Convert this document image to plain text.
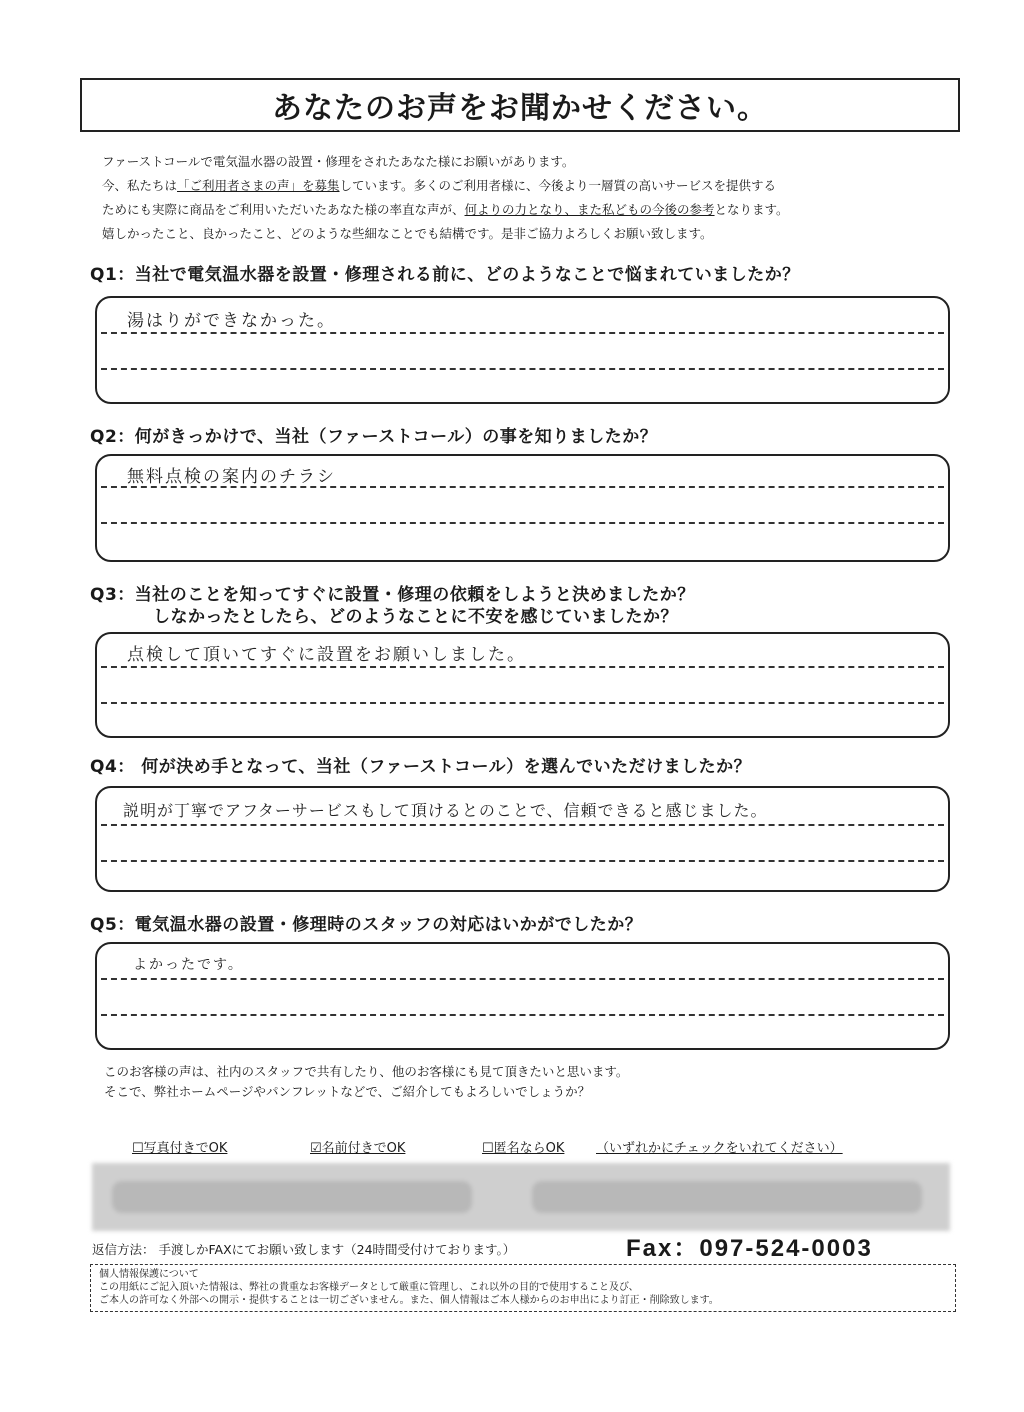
あなたのお声をお聞かせください。
ファーストコールで電気温水器の設置・修理をされたあなた様にお願いがあります。
今、私たちは「ご利用者さまの声」を募集しています。多くのご利用者様に、今後より一層質の高いサービスを提供する
ためにも実際に商品をご利用いただいたあなた様の率直な声が、何よりの力となり、また私どもの今後の参考となります。
嬉しかったこと、良かったこと、どのような些細なことでも結構です。是非ご協力よろしくお願い致します。
Q1：当社で電気温水器を設置・修理される前に、どのようなことで悩まれていましたか？
湯はりができなかった。
Q2：何がきっかけで、当社（ファーストコール）の事を知りましたか？
無料点検の案内のチラシ
Q3：当社のことを知ってすぐに設置・修理の依頼をしようと決めましたか？
しなかったとしたら、どのようなことに不安を感じていましたか？
点検して頂いてすぐに設置をお願いしました。
Q4： 何が決め手となって、当社（ファーストコール）を選んでいただけましたか？
説明が丁寧でアフターサービスもして頂けるとのことで、信頼できると感じました。
Q5：電気温水器の設置・修理時のスタッフの対応はいかがでしたか？
よかったです。
このお客様の声は、社内のスタッフで共有したり、他のお客様にも見て頂きたいと思います。
そこで、弊社ホームページやパンフレットなどで、ご紹介してもよろしいでしょうか？
☐写真付きでOK	☑名前付きでOK	☐匿名ならOK （いずれかにチェックをいれてください）
返信方法： 手渡しかFAXにてお願い致します（24時間受付けております。）	Fax：097-524-0003
個人情報保護について
この用紙にご記入頂いた情報は、弊社の貴重なお客様データとして厳重に管理し、これ以外の目的で使用すること及び、
ご本人の許可なく外部への開示・提供することは一切ございません。また、個人情報はご本人様からのお申出により訂正・削除致します。
